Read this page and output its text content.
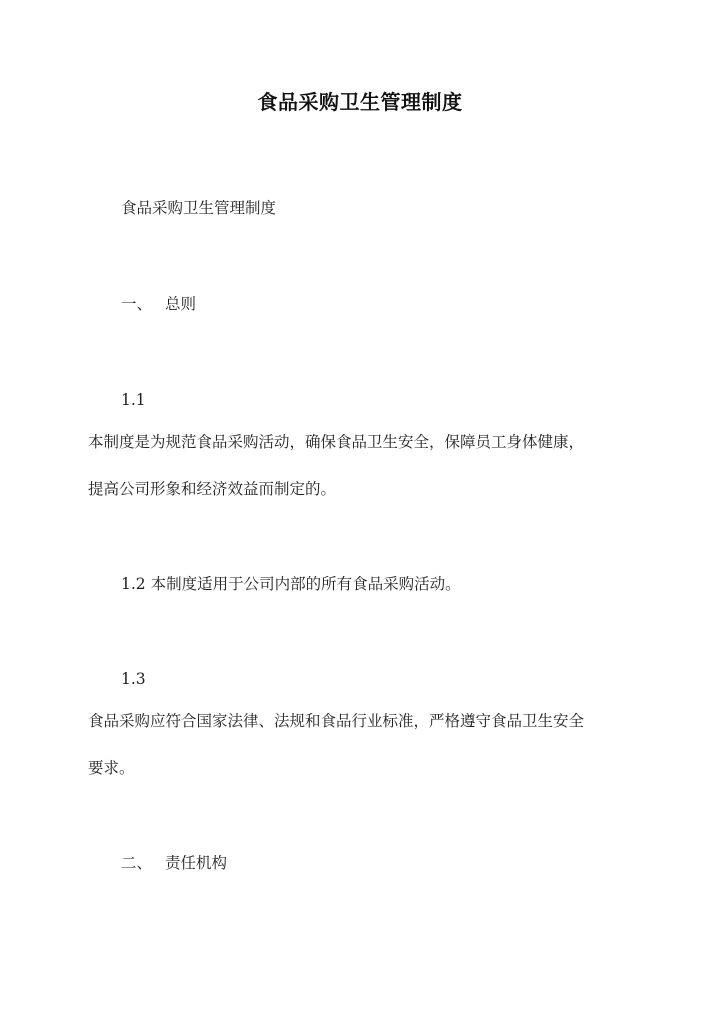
食品采购卫生管理制度
食品采购卫生管理制度
一、 总则
1.1
本制度是为规范食品采购活动，确保食品卫生安全，保障员工身体健康，
提高公司形象和经济效益而制定的。
1.2 本制度适用于公司内部的所有食品采购活动。
1.3
食品采购应符合国家法律、法规和食品行业标准，严格遵守食品卫生安全
要求。
二、 责任机构
